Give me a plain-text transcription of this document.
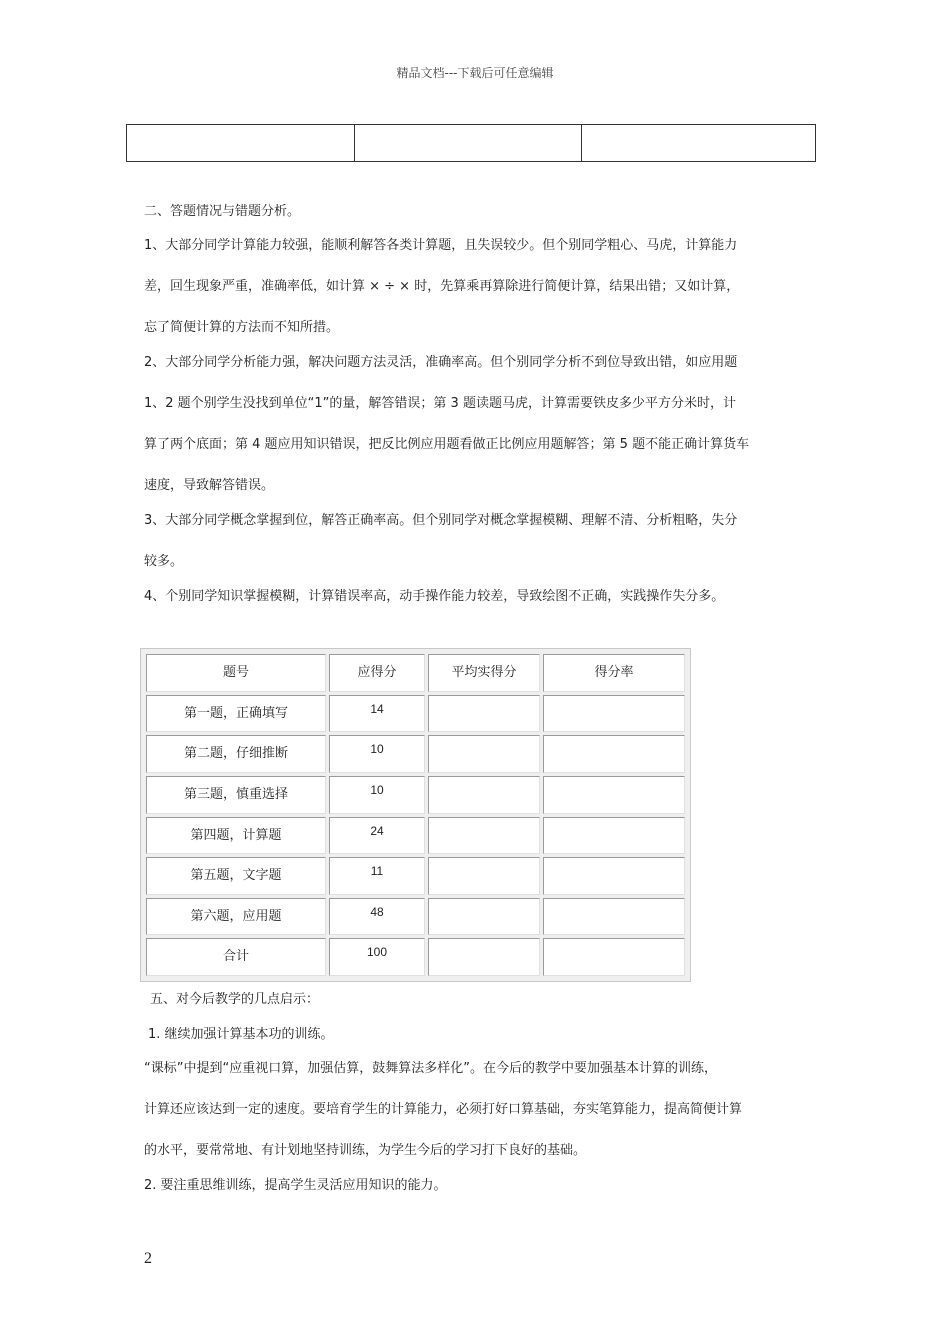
精品文档---下载后可任意编辑

二、答题情况与错题分析。
1、大部分同学计算能力较强，能顺利解答各类计算题，且失误较少。但个别同学粗心、马虎，计算能力
差，回生现象严重，准确率低，如计算 × ÷ × 时，先算乘再算除进行简便计算，结果出错；又如计算，
忘了简便计算的方法而不知所措。
2、大部分同学分析能力强，解决问题方法灵活，准确率高。但个别同学分析不到位导致出错，如应用题
1、2 题个别学生没找到单位“1”的量，解答错误；第 3 题读题马虎，计算需要铁皮多少平方分米时，计
算了两个底面；第 4 题应用知识错误，把反比例应用题看做正比例应用题解答；第 5 题不能正确计算货车
速度，导致解答错误。
3、大部分同学概念掌握到位，解答正确率高。但个别同学对概念掌握模糊、理解不清、分析粗略，失分
较多。
4、个别同学知识掌握模糊，计算错误率高，动手操作能力较差，导致绘图不正确，实践操作失分多。
题号	应得分	平均实得分	得分率
第一题，正确填写	14		
第二题，仔细推断	10		
第三题，慎重选择	10		
第四题，计算题	24		
第五题，文字题	11		
第六题，应用题	48		
合计	100		
五、对今后教学的几点启示：
1. 继续加强计算基本功的训练。
“课标”中提到“应重视口算，加强估算，鼓舞算法多样化”。在今后的教学中要加强基本计算的训练，
计算还应该达到一定的速度。要培育学生的计算能力，必须打好口算基础，夯实笔算能力，提高简便计算
的水平，要常常地、有计划地坚持训练，为学生今后的学习打下良好的基础。
2. 要注重思维训练，提高学生灵活应用知识的能力。
2
